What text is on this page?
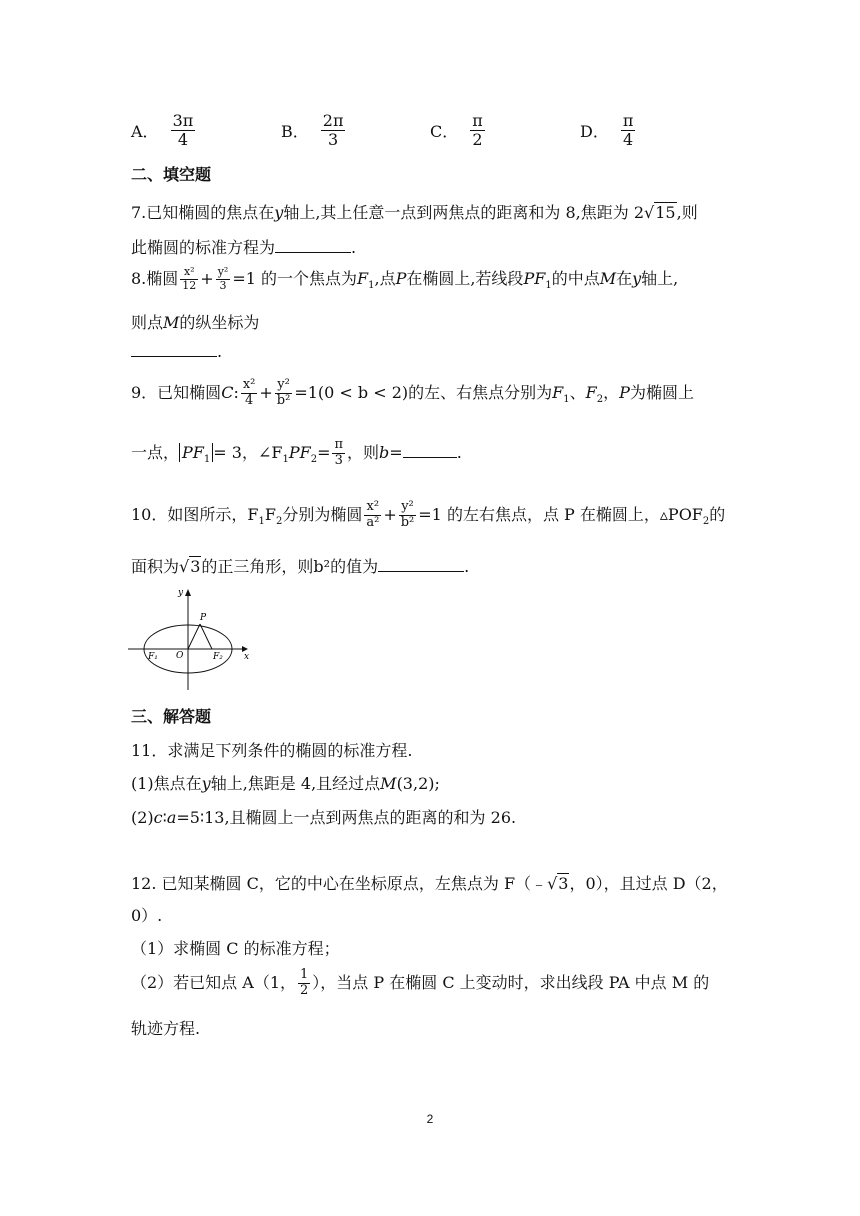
A． $\frac{3\pi}{4}$	B． $\frac{2\pi}{3}$	C． $\frac{\pi}{2}$	D． $\frac{\pi}{4}$
二、填空题
7.已知椭圆的焦点在y轴上,其上任意一点到两焦点的距离和为 8,焦距为 2√15,则
此椭圆的标准方程为	.
8.椭圆 $\frac{\text{x²}}{12} + \frac{\text{y²}}{3} =1$ 的一个焦点为$F_1$,点P在椭圆上,若线段$PF_1$的中点M在y轴上,
则点M的纵坐标为
.
9．已知椭圆C: $\frac{\text{x²}}{4} + \frac{\text{y²}}{\text{b²}} =1(0 < b < 2)$的左、右焦点分别为$F_1$、$F_2$，P为椭圆上
一点， $PF_1 = 3$，$\angle F_1PF_2= \frac{\pi}{3}$ ，则b=	.
10．如图所示，$F_1F_2$分别为椭圆 $\frac{\text{x²}}{\text{a²}} + \frac{\text{y²}}{\text{b²}} =1$ 的左右焦点，点 P 在椭圆上，$▵POF_2$的
面积为√3的正三角形，则b²的值为	.
y
x
P
O
F₁	F₂
三、解答题
11．求满足下列条件的椭圆的标准方程.
(1)焦点在y轴上,焦距是 4,且经过点M(3,2);
(2)c∶a=5∶13,且椭圆上一点到两焦点的距离的和为 26.
12. 已知某椭圆 C，它的中心在坐标原点，左焦点为 F（﹣√3，0），且过点 D（2，
0）.
（1）求椭圆 C 的标准方程；
（2）若已知点 A（1， $\frac{1}{2}$ ），当点 P 在椭圆 C 上变动时，求出线段 PA 中点 M 的
轨迹方程.
2
